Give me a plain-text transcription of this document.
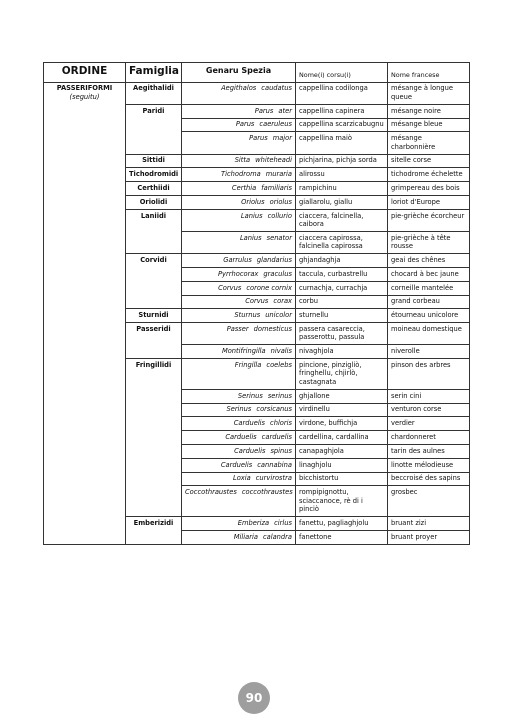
ORDINE	Famiglia	Genaru Spezia	Nome(i) corsu(i)	Nome francese

PASSERIFORMI
(seguitu)	Aegithalidi	Aegithalos caudatus	cappellina codilonga	mésange à longue queue
	Paridi	Parus ater	cappellina capinera	mésange noire
		Parus caeruleus	cappellina scarzicabugnu	mésange bleue
		Parus major	cappellina maiò	mésange charbonnière
	Sittidi	Sitta whiteheadi	pichjarina, pichja sorda	sitelle corse
	Tichodromidi	Tichodroma muraria	alirossu	tichodrome échelette
	Certhiidi	Certhia familiaris	rampichinu	grimpereau des bois
	Oriolidi	Oriolus oriolus	giallarolu, giallu	loriot d'Europe
	Laniidi	Lanius collurio	ciaccera, falcinella, caibora	pie-grièche écorcheur
		Lanius senator	ciaccera capirossa, falcinella capirossa	pie-grièche à tête rousse
	Corvidi	Garrulus glandarius	ghjandaghja	geai des chênes
		Pyrrhocorax graculus	taccula, curbastrellu	chocard à bec jaune
		Corvus corone cornix	curnachja, currachja	corneille mantelée
		Corvus corax	corbu	grand corbeau
	Sturnidi	Sturnus unicolor	sturnellu	étourneau unicolore
	Passeridi	Passer domesticus	passera casareccia, passerottu, passula	moineau domestique
		Montifringilla nivalis	nivaghjola	niverolle
	Fringillidi	Fringilla coelebs	pincione, pinzigliò, fringhellu, chjirlò, castagnata	pinson des arbres
		Serinus serinus	ghjallone	serin cini
		Serinus corsicanus	virdinellu	venturon corse
		Carduelis chloris	virdone, buffichja	verdier
		Carduelis carduelis	cardellina, cardallina	chardonneret
		Carduelis spinus	canapaghjola	tarin des aulnes
		Carduelis cannabina	linaghjolu	linotte mélodieuse
		Loxia curvirostra	bicchistortu	beccroisé des sapins
		Coccothraustes coccothraustes	rompipignottu, sciaccanoce, rè di i pinciò	grosbec
	Emberizidi	Emberiza cirlus	fanettu, pagliaghjolu	bruant zizi
		Miliaria calandra	fanettone	bruant proyer
90
